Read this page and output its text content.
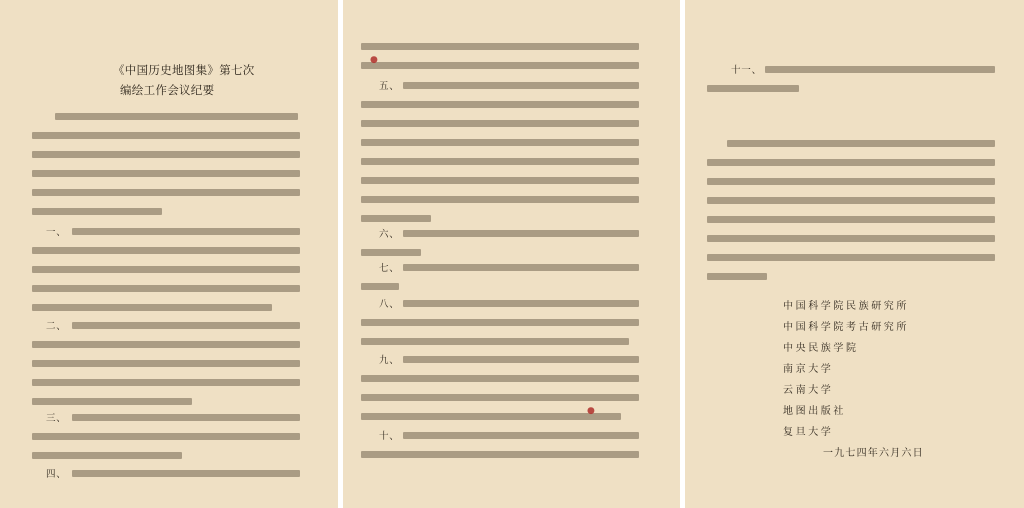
《中国历史地图集》第七次
编绘工作会议纪要
一、
二、
三、
四、
●
五、
六、
七、
八、
九、
●
十、
十一、
中国科学院民族研究所
中国科学院考古研究所
中央民族学院
南京大学
云南大学
地图出版社
复旦大学
一九七四年六月六日
